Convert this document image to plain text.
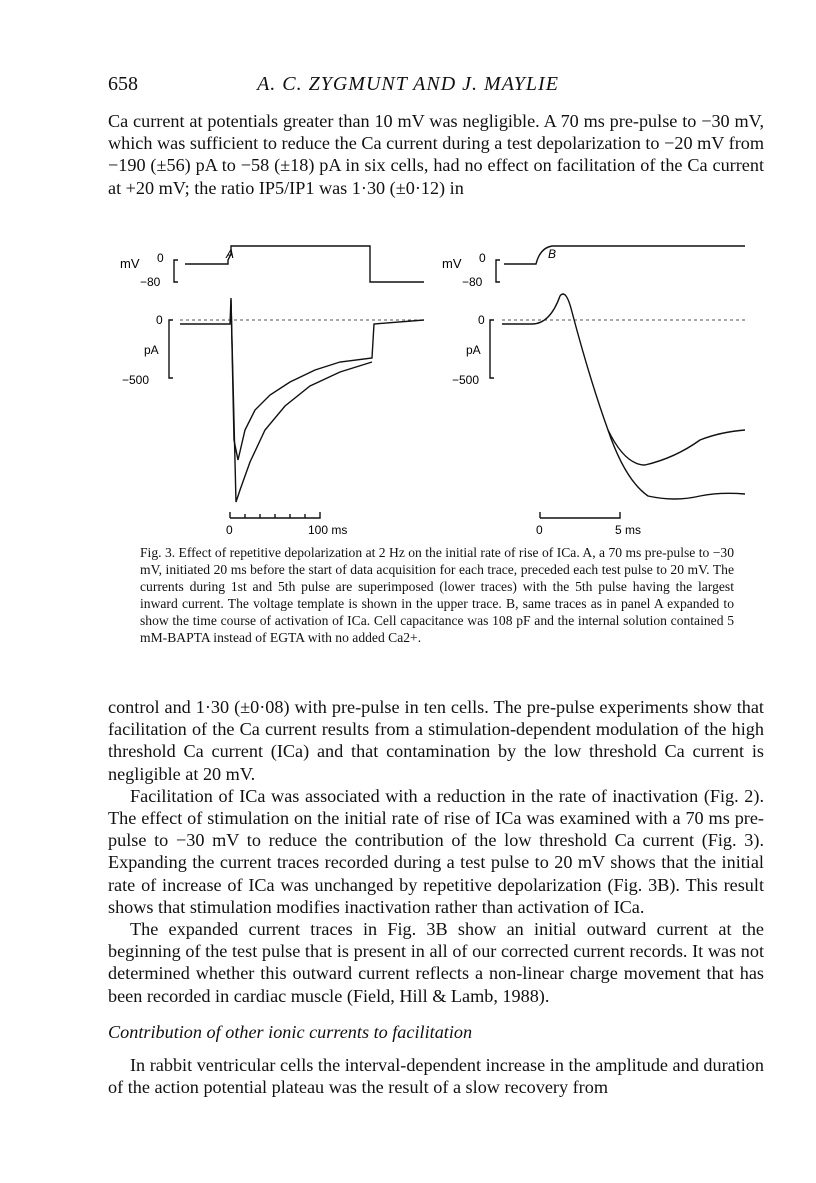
658	A. C. ZYGMUNT AND J. MAYLIE

Ca current at potentials greater than 10 mV was negligible. A 70 ms pre-pulse to −30 mV, which was sufficient to reduce the Ca current during a test depolarization to −20 mV from −190 (±56) pA to −58 (±18) pA in six cells, had no effect on facilitation of the Ca current at +20 mV; the ratio IP5/IP1 was 1·30 (±0·12) in

A
mV 0
−80
0
pA
−500
0	100 ms
B
mV 0
−80
0
pA
−500
0	5 ms
Fig. 3. Effect of repetitive depolarization at 2 Hz on the initial rate of rise of ICa. A, a 70 ms pre-pulse to −30 mV, initiated 20 ms before the start of data acquisition for each trace, preceded each test pulse to 20 mV. The currents during 1st and 5th pulse are superimposed (lower traces) with the 5th pulse having the largest inward current. The voltage template is shown in the upper trace. B, same traces as in panel A expanded to show the time course of activation of ICa. Cell capacitance was 108 pF and the internal solution contained 5 mM-BAPTA instead of EGTA with no added Ca2+.

control and 1·30 (±0·08) with pre-pulse in ten cells. The pre-pulse experiments show that facilitation of the Ca current results from a stimulation-dependent modulation of the high threshold Ca current (ICa) and that contamination by the low threshold Ca current is negligible at 20 mV.

Facilitation of ICa was associated with a reduction in the rate of inactivation (Fig. 2). The effect of stimulation on the initial rate of rise of ICa was examined with a 70 ms pre-pulse to −30 mV to reduce the contribution of the low threshold Ca current (Fig. 3). Expanding the current traces recorded during a test pulse to 20 mV shows that the initial rate of increase of ICa was unchanged by repetitive depolarization (Fig. 3B). This result shows that stimulation modifies inactivation rather than activation of ICa.

The expanded current traces in Fig. 3B show an initial outward current at the beginning of the test pulse that is present in all of our corrected current records. It was not determined whether this outward current reflects a non-linear charge movement that has been recorded in cardiac muscle (Field, Hill & Lamb, 1988).

Contribution of other ionic currents to facilitation

In rabbit ventricular cells the interval-dependent increase in the amplitude and duration of the action potential plateau was the result of a slow recovery from
